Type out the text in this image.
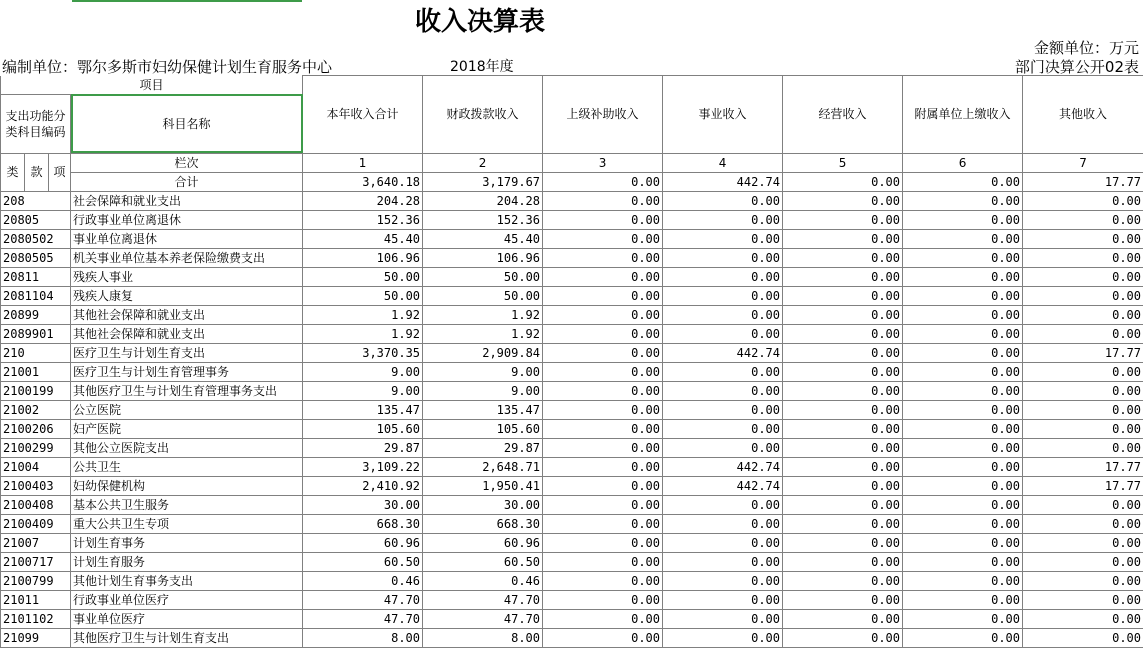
收入决算表
金额单位：万元
编制单位：鄂尔多斯市妇幼保健计划生育服务中心	2018年度	部门决算公开02表
项目				本年收入合计	财政拨款收入	上级补助收入	事业收入	经营收入	附属单位上缴收入	其他收入
支出功能分类科目编码			科目名称							
类	款	项	栏次	1	2	3	4	5	6	7
			合计	3,640.18	3,179.67	0.00	442.74	0.00	0.00	17.77
208			社会保障和就业支出	204.28	204.28	0.00	0.00	0.00	0.00	0.00
20805			行政事业单位离退休	152.36	152.36	0.00	0.00	0.00	0.00	0.00
2080502			事业单位离退休	45.40	45.40	0.00	0.00	0.00	0.00	0.00
2080505			机关事业单位基本养老保险缴费支出	106.96	106.96	0.00	0.00	0.00	0.00	0.00
20811			残疾人事业	50.00	50.00	0.00	0.00	0.00	0.00	0.00
2081104			残疾人康复	50.00	50.00	0.00	0.00	0.00	0.00	0.00
20899			其他社会保障和就业支出	1.92	1.92	0.00	0.00	0.00	0.00	0.00
2089901			其他社会保障和就业支出	1.92	1.92	0.00	0.00	0.00	0.00	0.00
210			医疗卫生与计划生育支出	3,370.35	2,909.84	0.00	442.74	0.00	0.00	17.77
21001			医疗卫生与计划生育管理事务	9.00	9.00	0.00	0.00	0.00	0.00	0.00
2100199			其他医疗卫生与计划生育管理事务支出	9.00	9.00	0.00	0.00	0.00	0.00	0.00
21002			公立医院	135.47	135.47	0.00	0.00	0.00	0.00	0.00
2100206			妇产医院	105.60	105.60	0.00	0.00	0.00	0.00	0.00
2100299			其他公立医院支出	29.87	29.87	0.00	0.00	0.00	0.00	0.00
21004			公共卫生	3,109.22	2,648.71	0.00	442.74	0.00	0.00	17.77
2100403			妇幼保健机构	2,410.92	1,950.41	0.00	442.74	0.00	0.00	17.77
2100408			基本公共卫生服务	30.00	30.00	0.00	0.00	0.00	0.00	0.00
2100409			重大公共卫生专项	668.30	668.30	0.00	0.00	0.00	0.00	0.00
21007			计划生育事务	60.96	60.96	0.00	0.00	0.00	0.00	0.00
2100717			计划生育服务	60.50	60.50	0.00	0.00	0.00	0.00	0.00
2100799			其他计划生育事务支出	0.46	0.46	0.00	0.00	0.00	0.00	0.00
21011			行政事业单位医疗	47.70	47.70	0.00	0.00	0.00	0.00	0.00
2101102			事业单位医疗	47.70	47.70	0.00	0.00	0.00	0.00	0.00
21099			其他医疗卫生与计划生育支出	8.00	8.00	0.00	0.00	0.00	0.00	0.00
